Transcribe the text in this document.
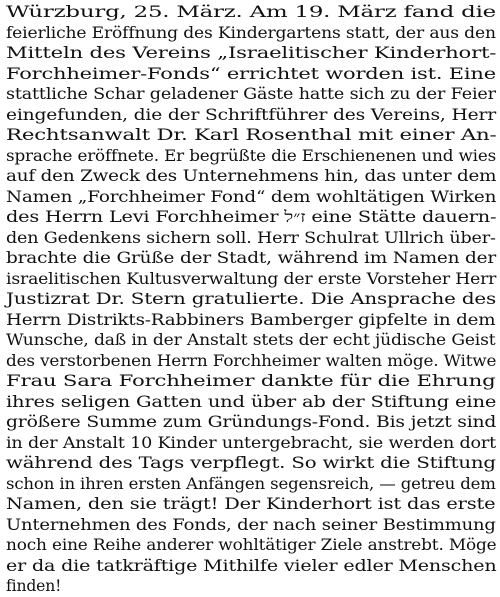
Würzburg, 25. März. Am 19. März fand die
feierliche Eröffnung des Kindergartens statt, der aus den
Mitteln des Vereins „Israelitischer Kinderhort-
Forchheimer-Fonds“ errichtet worden ist. Eine
stattliche Schar geladener Gäste hatte sich zu der Feier
eingefunden, die der Schriftführer des Vereins, Herr
Rechtsanwalt Dr. Karl Rosenthal mit einer An-
sprache eröffnete. Er begrüßte die Erschienenen und wies
auf den Zweck des Unternehmens hin, das unter dem
Namen „Forchheimer Fond“ dem wohltätigen Wirken
des Herrn Levi Forchheimer ז״ל eine Stätte dauern-
den Gedenkens sichern soll. Herr Schulrat Ullrich über-
brachte die Grüße der Stadt, während im Namen der
israelitischen Kultusverwaltung der erste Vorsteher Herr
Justizrat Dr. Stern gratulierte. Die Ansprache des
Herrn Distrikts-Rabbiners Bamberger gipfelte in dem
Wunsche, daß in der Anstalt stets der echt jüdische Geist
des verstorbenen Herrn Forchheimer walten möge. Witwe
Frau Sara Forchheimer dankte für die Ehrung
ihres seligen Gatten und über ab der Stiftung eine
größere Summe zum Gründungs-Fond. Bis jetzt sind
in der Anstalt 10 Kinder untergebracht, sie werden dort
während des Tags verpflegt. So wirkt die Stiftung
schon in ihren ersten Anfängen segensreich, — getreu dem
Namen, den sie trägt! Der Kinderhort ist das erste
Unternehmen des Fonds, der nach seiner Bestimmung
noch eine Reihe anderer wohltätiger Ziele anstrebt. Möge
er da die tatkräftige Mithilfe vieler edler Menschen
finden!
